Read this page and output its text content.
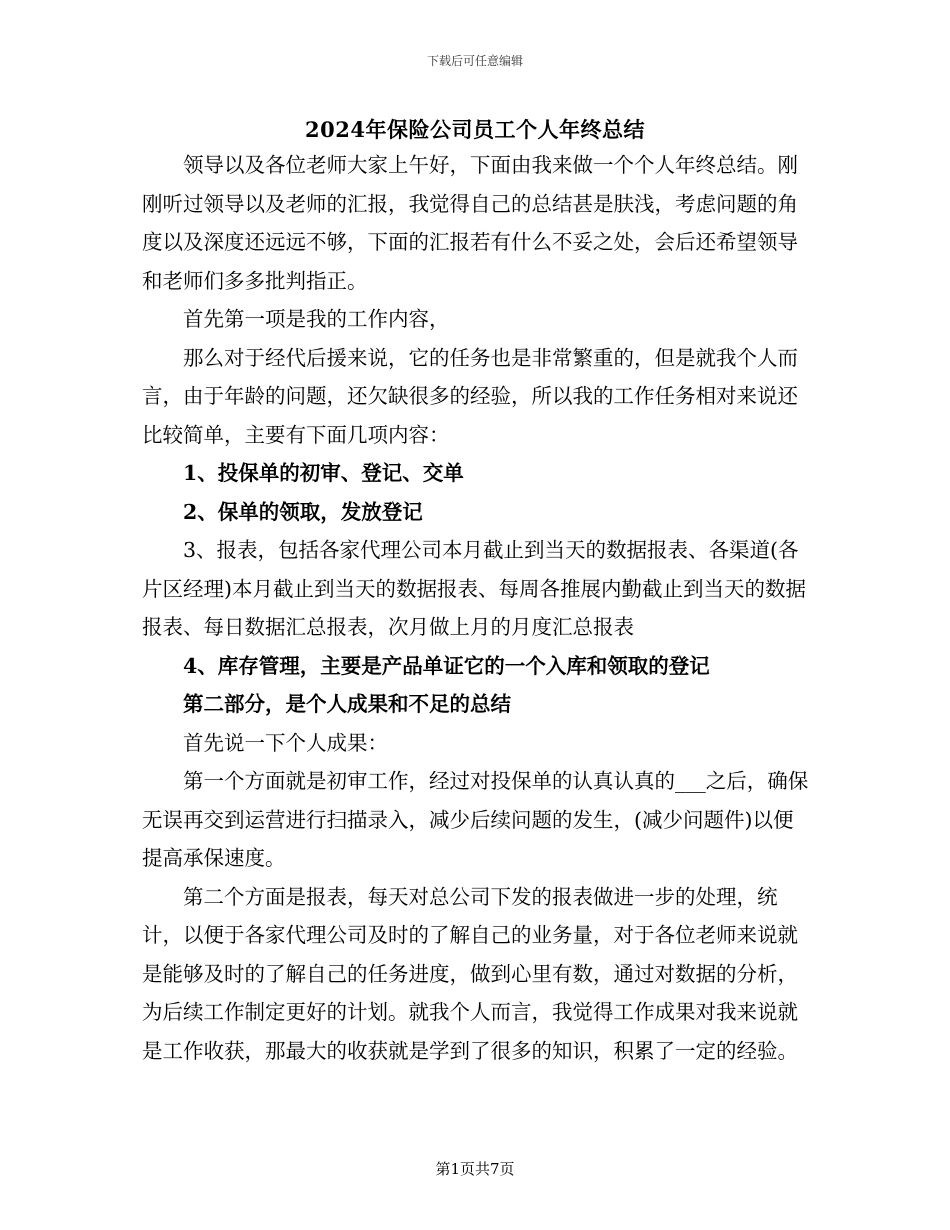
下载后可任意编辑
2024年保险公司员工个人年终总结

领导以及各位老师大家上午好，下面由我来做一个个人年终总结。刚刚听过领导以及老师的汇报，我觉得自己的总结甚是肤浅，考虑问题的角度以及深度还远远不够，下面的汇报若有什么不妥之处，会后还希望领导和老师们多多批判指正。

首先第一项是我的工作内容，

那么对于经代后援来说，它的任务也是非常繁重的，但是就我个人而言，由于年龄的问题，还欠缺很多的经验，所以我的工作任务相对来说还比较简单，主要有下面几项内容：

1、投保单的初审、登记、交单

2、保单的领取，发放登记

3、报表，包括各家代理公司本月截止到当天的数据报表、各渠道(各片区经理)本月截止到当天的数据报表、每周各推展内勤截止到当天的数据报表、每日数据汇总报表，次月做上月的月度汇总报表

4、库存管理，主要是产品单证它的一个入库和领取的登记

第二部分，是个人成果和不足的总结

首先说一下个人成果：

第一个方面就是初审工作，经过对投保单的认真认真的___之后，确保无误再交到运营进行扫描录入，减少后续问题的发生，(减少问题件)以便提高承保速度。

第二个方面是报表，每天对总公司下发的报表做进一步的处理，统计，以便于各家代理公司及时的了解自己的业务量，对于各位老师来说就是能够及时的了解自己的任务进度，做到心里有数，通过对数据的分析，为后续工作制定更好的计划。就我个人而言，我觉得工作成果对我来说就是工作收获，那最大的收获就是学到了很多的知识，积累了一定的经验。

第1页共7页
